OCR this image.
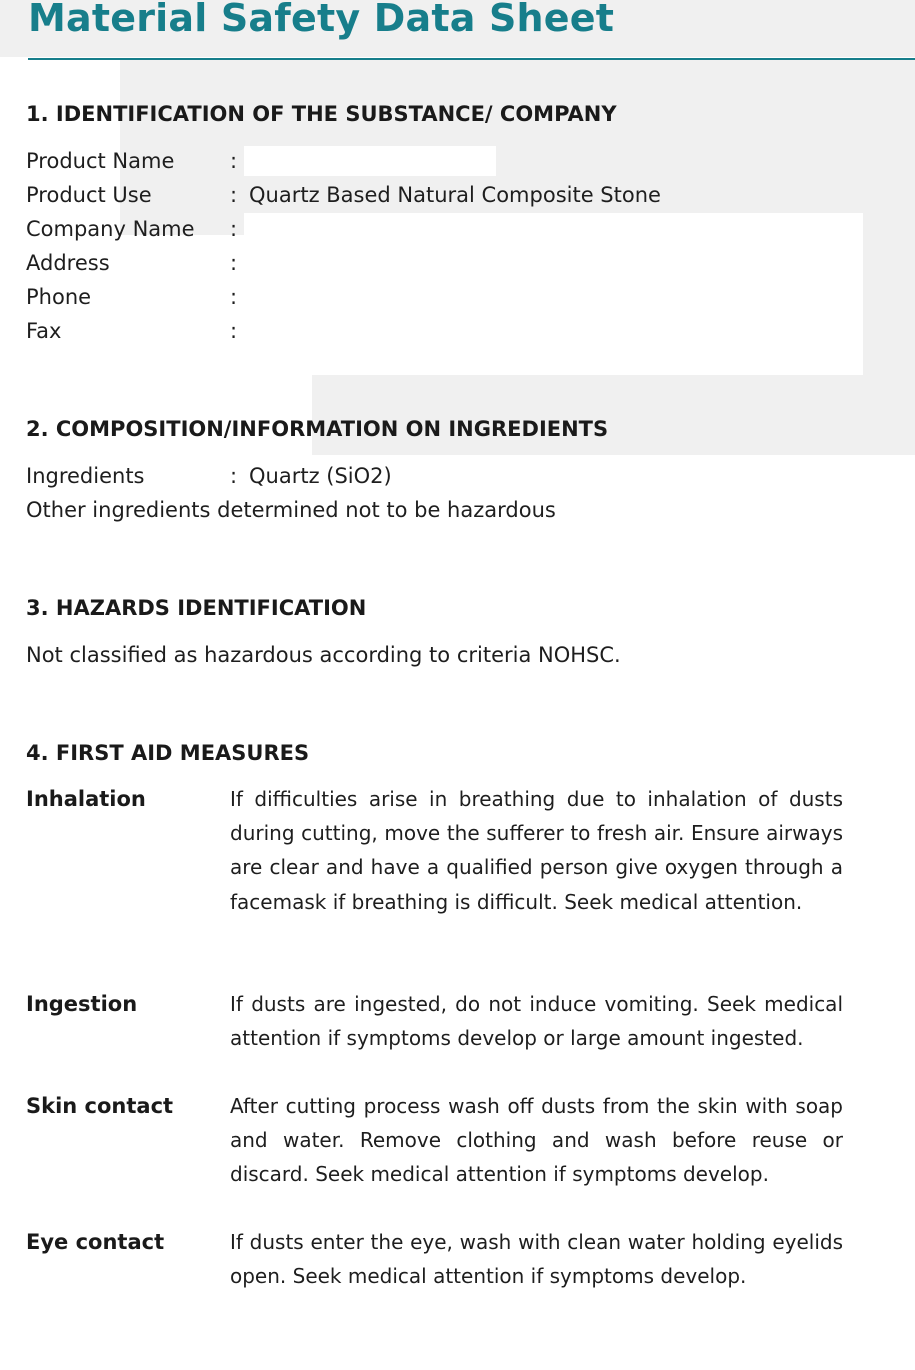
Material Safety Data Sheet
1. IDENTIFICATION OF THE SUBSTANCE/ COMPANY
Product Name	:
Product Use	: Quartz Based Natural Composite Stone
Company Name :
Address	:
Phone	:
Fax	:
2. COMPOSITION/INFORMATION ON INGREDIENTS
Ingredients	: Quartz (SiO2)
Other ingredients determined not to be hazardous
3. HAZARDS IDENTIFICATION
Not classified as hazardous according to criteria NOHSC.
4. FIRST AID MEASURES
Inhalation	If difficulties arise in breathing due to inhalation of dusts during cutting, move the sufferer to fresh air. Ensure airways are clear and have a qualified person give oxygen through a facemask if breathing is difficult. Seek medical attention.

Ingestion	If dusts are ingested, do not induce vomiting. Seek medical attention if symptoms develop or large amount ingested.

Skin contact	After cutting process wash off dusts from the skin with soap and water. Remove clothing and wash before reuse or discard. Seek medical attention if symptoms develop.

Eye contact	If dusts enter the eye, wash with clean water holding eyelids open. Seek medical attention if symptoms develop.
